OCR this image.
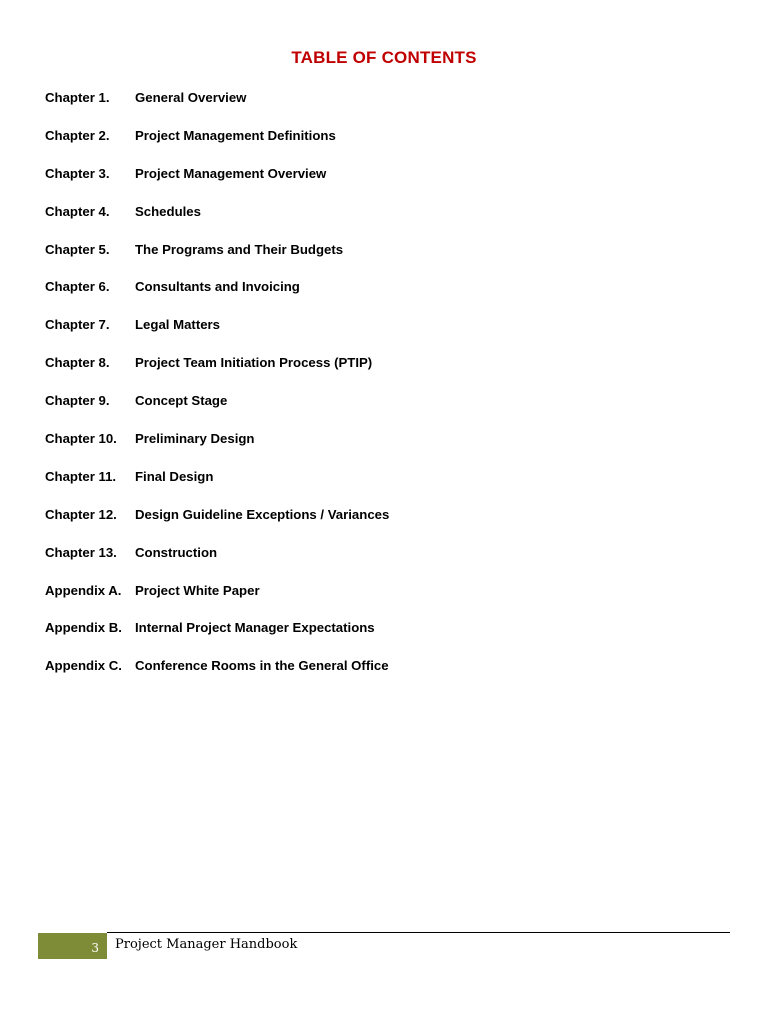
TABLE OF CONTENTS
Chapter 1.	General Overview
Chapter 2.	Project Management Definitions
Chapter 3.	Project Management Overview
Chapter 4.	Schedules
Chapter 5.	The Programs and Their Budgets
Chapter 6.	Consultants and Invoicing
Chapter 7.	Legal Matters
Chapter 8.	Project Team Initiation Process (PTIP)
Chapter 9.	Concept Stage
Chapter 10.	Preliminary Design
Chapter 11.	Final Design
Chapter 12.	Design Guideline Exceptions / Variances
Chapter 13.	Construction
Appendix A.	Project White Paper
Appendix B. Internal Project Manager Expectations
Appendix C. Conference Rooms in the General Office
3 Project Manager Handbook
